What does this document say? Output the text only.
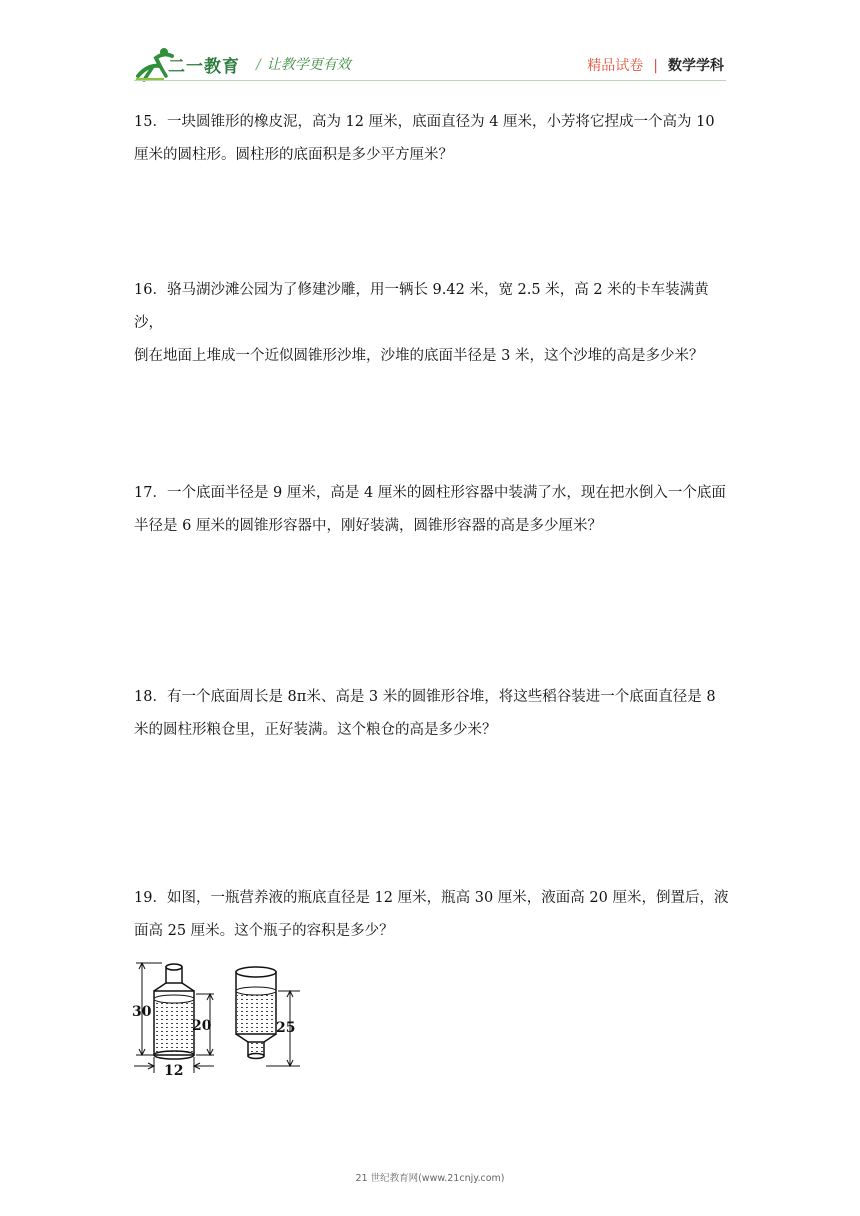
二一教育 / 让教学更有效	精品试卷 | 数学学科

15．一块圆锥形的橡皮泥，高为 12 厘米，底面直径为 4 厘米，小芳将它捏成一个高为 10

厘米的圆柱形。圆柱形的底面积是多少平方厘米？

16．骆马湖沙滩公园为了修建沙雕，用一辆长 9.42 米，宽 2.5 米，高 2 米的卡车装满黄沙，

倒在地面上堆成一个近似圆锥形沙堆，沙堆的底面半径是 3 米，这个沙堆的高是多少米？

17．一个底面半径是 9 厘米，高是 4 厘米的圆柱形容器中装满了水，现在把水倒入一个底面

半径是 6 厘米的圆锥形容器中，刚好装满，圆锥形容器的高是多少厘米？

18．有一个底面周长是 8π米、高是 3 米的圆锥形谷堆，将这些稻谷装进一个底面直径是 8

米的圆柱形粮仓里，正好装满。这个粮仓的高是多少米？

19．如图，一瓶营养液的瓶底直径是 12 厘米，瓶高 30 厘米，液面高 20 厘米，倒置后，液

面高 25 厘米。这个瓶子的容积是多少？

30
20
12
25
21 世纪教育网(www.21cnjy.com)
